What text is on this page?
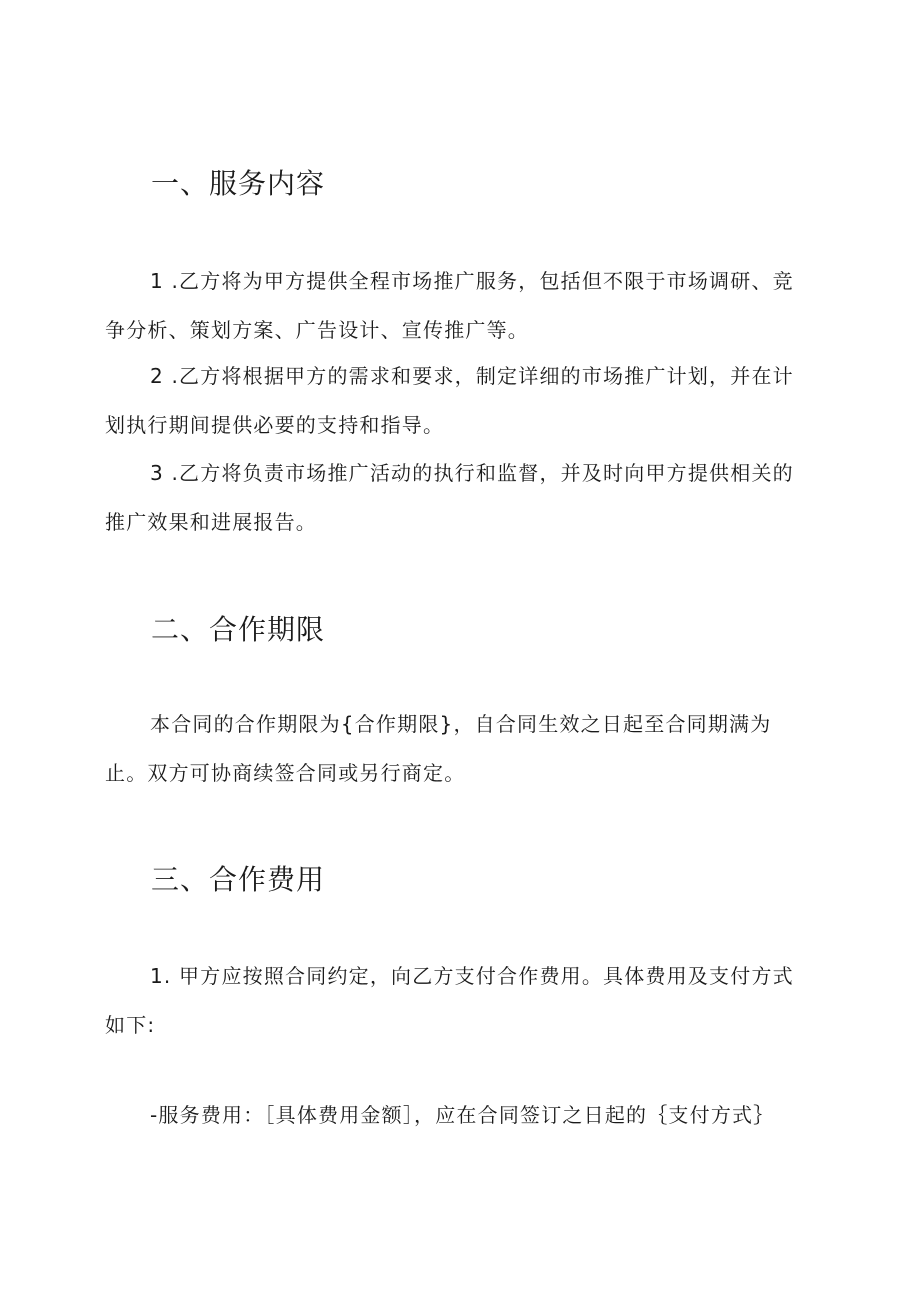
一、服务内容

1 .乙方将为甲方提供全程市场推广服务，包括但不限于市场调研、竞
争分析、策划方案、广告设计、宣传推广等。

2 .乙方将根据甲方的需求和要求，制定详细的市场推广计划，并在计
划执行期间提供必要的支持和指导。

3 .乙方将负责市场推广活动的执行和监督，并及时向甲方提供相关的
推广效果和进展报告。

二、合作期限

本合同的合作期限为{合作期限}，自合同生效之日起至合同期满为
止。双方可协商续签合同或另行商定。

三、合作费用

1. 甲方应按照合同约定，向乙方支付合作费用。具体费用及支付方式
如下:

-服务费用：［具体费用金额］，应在合同签订之日起的｛支付方式｝
